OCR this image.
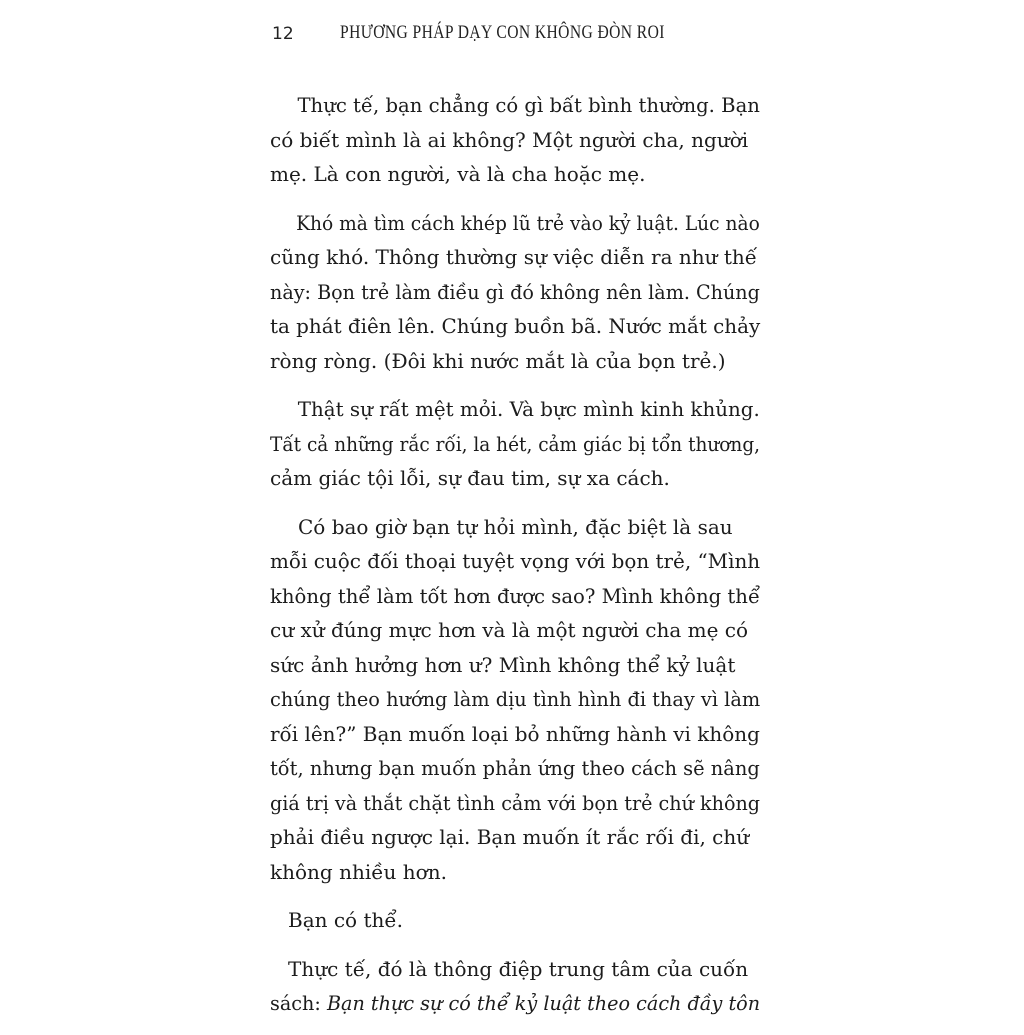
12 PHƯƠNG PHÁP DẠY CON KHÔNG ĐÒN ROI

Thực tế, bạn chẳng có gì bất bình thường. Bạn
có biết mình là ai không? Một người cha, người
mẹ. Là con người, và là cha hoặc mẹ.

Khó mà tìm cách khép lũ trẻ vào kỷ luật. Lúc nào
cũng khó. Thông thường sự việc diễn ra như thế
này: Bọn trẻ làm điều gì đó không nên làm. Chúng
ta phát điên lên. Chúng buồn bã. Nước mắt chảy
ròng ròng. (Đôi khi nước mắt là của bọn trẻ.)

Thật sự rất mệt mỏi. Và bực mình kinh khủng.
Tất cả những rắc rối, la hét, cảm giác bị tổn thương,
cảm giác tội lỗi, sự đau tim, sự xa cách.

Có bao giờ bạn tự hỏi mình, đặc biệt là sau
mỗi cuộc đối thoại tuyệt vọng với bọn trẻ, “Mình
không thể làm tốt hơn được sao? Mình không thể
cư xử đúng mực hơn và là một người cha mẹ có
sức ảnh hưởng hơn ư? Mình không thể kỷ luật
chúng theo hướng làm dịu tình hình đi thay vì làm
rối lên?” Bạn muốn loại bỏ những hành vi không
tốt, nhưng bạn muốn phản ứng theo cách sẽ nâng
giá trị và thắt chặt tình cảm với bọn trẻ chứ không
phải điều ngược lại. Bạn muốn ít rắc rối đi, chứ
không nhiều hơn.

Bạn có thể.

Thực tế, đó là thông điệp trung tâm của cuốn
sách: Bạn thực sự có thể kỷ luật theo cách đầy tôn
